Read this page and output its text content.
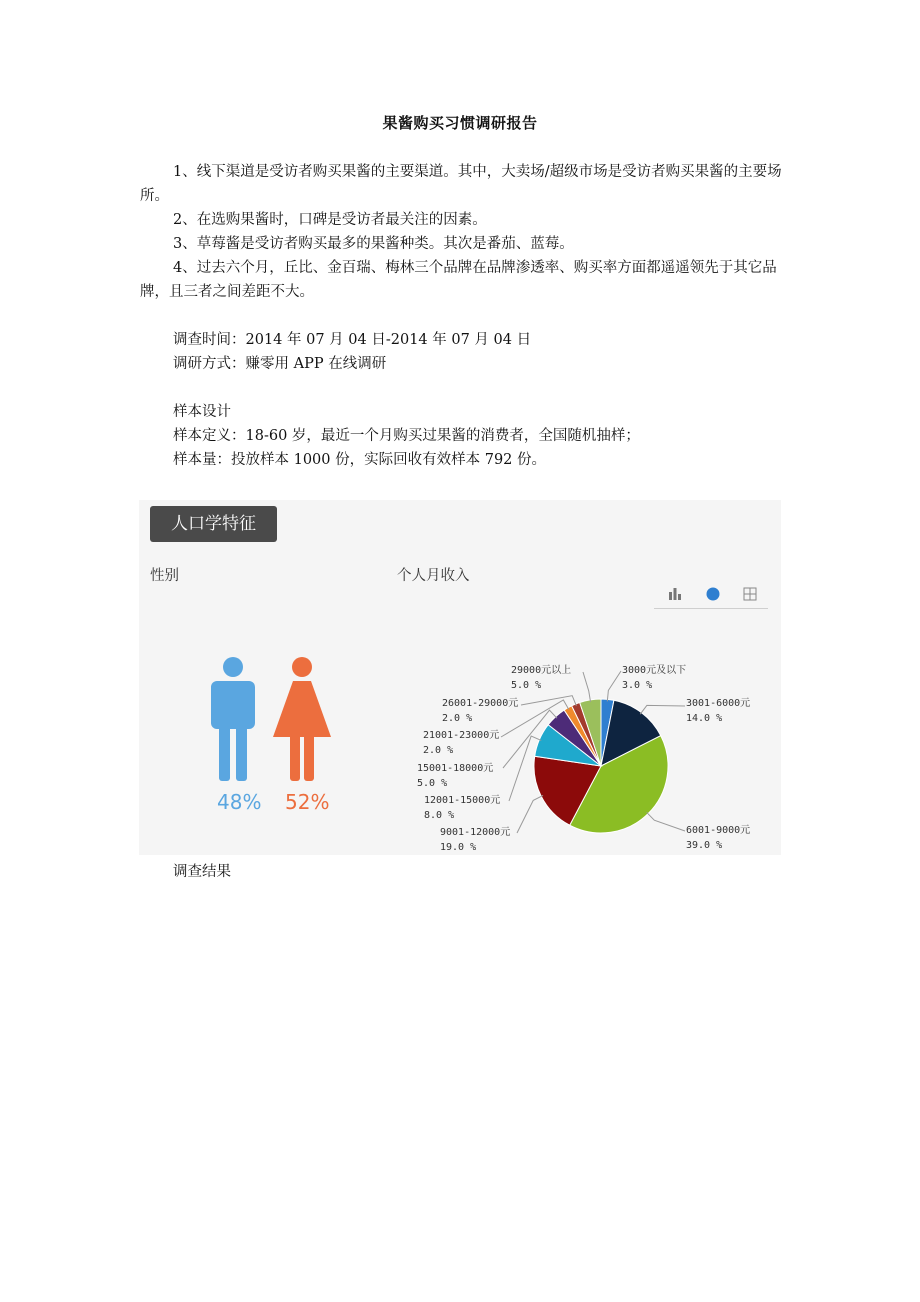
果酱购买习惯调研报告

1、线下渠道是受访者购买果酱的主要渠道。其中，大卖场/超级市场是受访者购买果酱的主要场所。

2、在选购果酱时，口碑是受访者最关注的因素。

3、草莓酱是受访者购买最多的果酱种类。其次是番茄、蓝莓。

4、过去六个月，丘比、金百瑞、梅林三个品牌在品牌渗透率、购买率方面都遥遥领先于其它品牌，且三者之间差距不大。

调查时间：2014 年 07 月 04 日-2014 年 07 月 04 日
调研方式：赚零用 APP 在线调研
样本设计
样本定义：18-60 岁，最近一个月购买过果酱的消费者，全国随机抽样；
样本量：投放样本 1000 份，实际回收有效样本 792 份。
人口学特征
性别	个人月收入
48% 52%
3000元及以下
3.0 %
3001-6000元
14.0 %
6001-9000元
39.0 %
9001-12000元
19.0 %
12001-15000元
8.0 %
15001-18000元
5.0 %
21001-23000元
2.0 %
26001-29000元
2.0 %
29000元以上
5.0 %
调查结果
